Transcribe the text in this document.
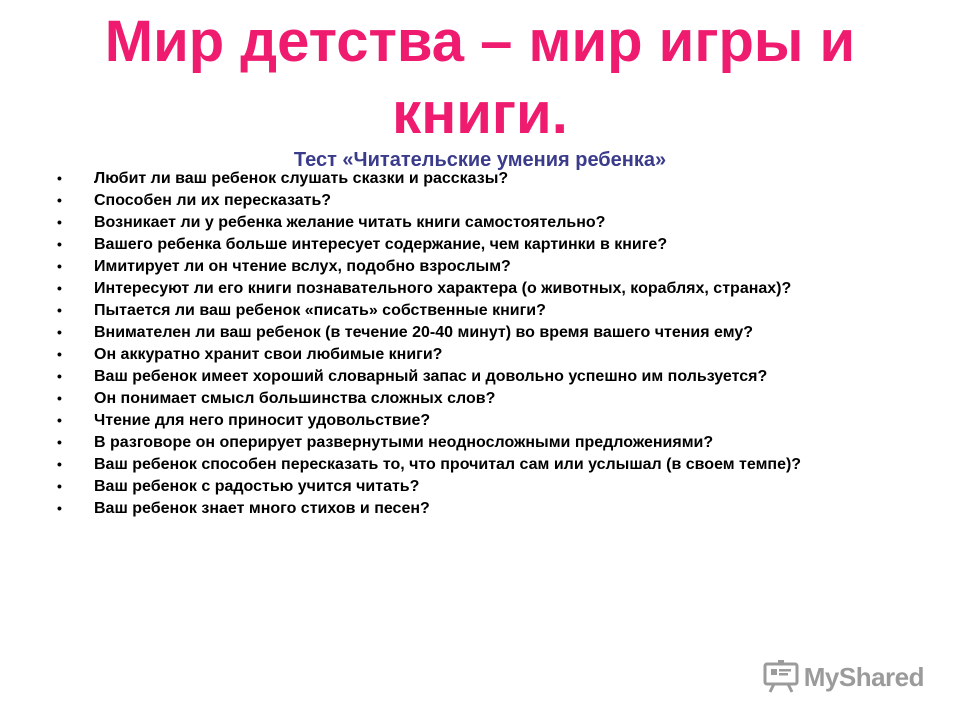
Мир детства – мир игры и
книги.
Тест «Читательские умения ребенка»
•	Любит ли ваш ребенок слушать сказки и рассказы?
•	Способен ли их пересказать?
•	Возникает ли у ребенка желание читать книги самостоятельно?
•	Вашего ребенка больше интересует содержание, чем картинки в книге?
•	Имитирует ли он чтение вслух, подобно взрослым?
•	Интересуют ли его книги познавательного характера (о животных, кораблях, странах)?
•	Пытается ли ваш ребенок «писать» собственные книги?
•	Внимателен ли ваш ребенок (в течение 20-40 минут) во время вашего чтения ему?
•	Он аккуратно хранит свои любимые книги?
•	Ваш ребенок имеет хороший словарный запас и довольно успешно им пользуется?
•	Он понимает смысл большинства сложных слов?
•	Чтение для него приносит удовольствие?
•	В разговоре он оперирует развернутыми неодносложными предложениями?
•	Ваш ребенок способен пересказать то, что прочитал сам или услышал (в своем темпе)?
•	Ваш ребенок с радостью учится читать?
•	Ваш ребенок знает много стихов и песен?
MyShared
